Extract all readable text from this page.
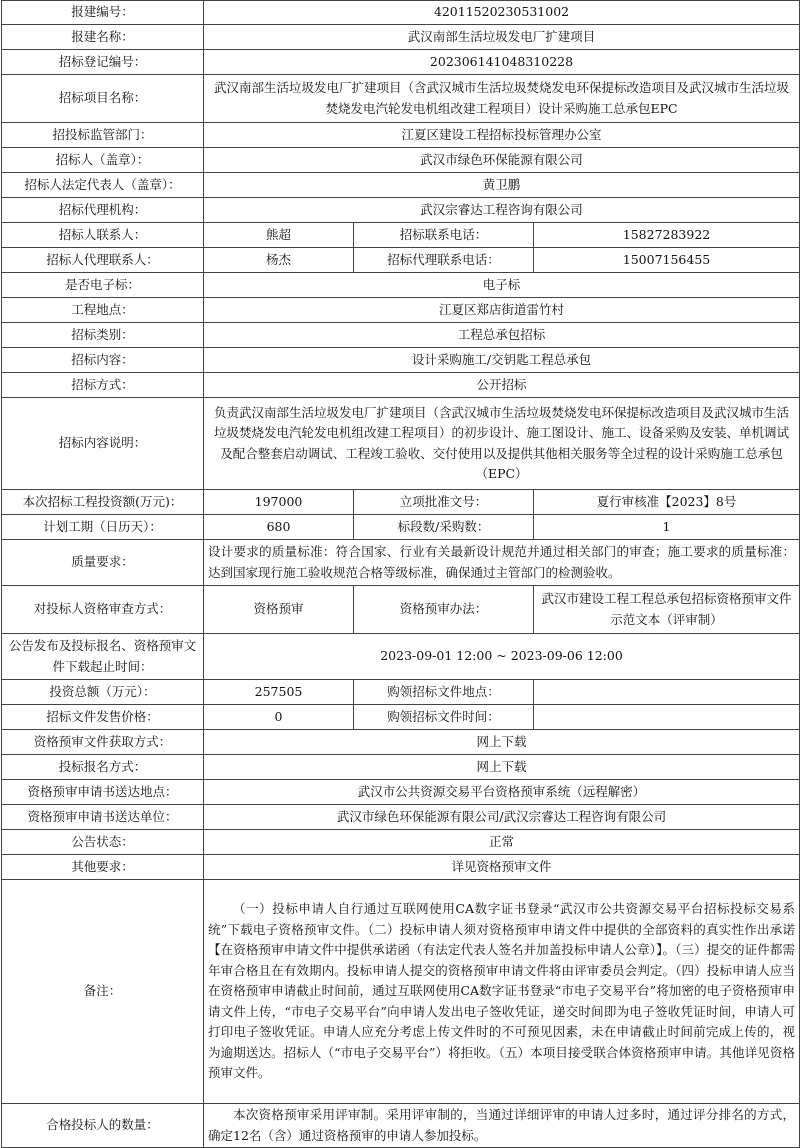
报建编号：	42011520230531002		
报建名称：	武汉南部生活垃圾发电厂扩建项目		
招标登记编号：	20230614104831​0228		
招标项目名称：	武汉南部生活垃圾发电厂扩建项目（含武汉城市生活垃圾焚烧发电环保提标改造项目及武汉城市生活垃圾焚烧发电汽轮发电机组改建工程项目）设计采购施工总承包EPC		
招投标监管部门：	江夏区建设工程招标投标管理办公室		
招标人（盖章）：	武汉市绿色环保能源有限公司		
招标人法定代表人（盖章）：	黄卫鹏		
招标代理机构：	武汉宗睿达工程咨询有限公司		
招标人联系人：	熊超	招标联系电话：	15827283922
招标人代理联系人：	杨杰	招标代理联系电话：	15007156455
是否电子标：	电子标		
工程地点：	江夏区郑店街道雷竹村		
招标类别：	工程总承包招标		
招标内容：	设计采购施工/交钥匙工程总承包		
招标方式：	公开招标		
招标内容说明：	负责武汉南部生活垃圾发电厂扩建项目（含武汉城市生活垃圾焚烧发电环保提标改造项目及武汉城市生活垃圾焚烧发电汽轮发电机组改建工程项目）的初步设计、施工图设计、施工、设备采购及安装、单机调试及配合整套启动调试、工程竣工验收、交付使用以及提供其他相关服务等全过程的设计采购施工总承包（EPC）		
本次招标工程投资额(万元)：	197000	立项批准文号：	夏行审核准【2023】8号
计划工期（日历天）：	680	标段数/采购数：	1
质量要求：	设计要求的质量标准：符合国家、行业有关最新设计规范并通过相关部门的审查；施工要求的质量标准：达到国家现行施工验收规范合格等级标准，确保通过主管部门的检测验收。		
对投标人资格审查方式：	资格预审	资格预审办法：	武汉市建设工程工程总承包招标资格预审文件示范文本（评审制）
公告发布及投标报名、资格预审文件下载起止时间：	2023-09-01 12:00 ~ 2023-09-06 12:00		
投资总额（万元）：	257505	购领招标文件地点：	
招标文件发售价格：	0	购领招标文件时间：	
资格预审文件获取方式：	网上下载		
投标报名方式：	网上下载		
资格预审申请书送达地点：	武汉市公共资源交易平台资格预审系统（远程解密）		
资格预审申请书送达单位：	武汉市绿色环保能源有限公司/武汉宗睿达工程咨询有限公司		
公告状态：	正常		
其他要求：	详见资格预审文件		
备注：	（一）投标申请人自行通过互联网使用CA数字证书登录“武汉市公共资源交易平台招标投标交易系统”下载电子资格预审文件。（二）投标申请人须对资格预审申请文件中提供的全部资料的真实性作出承诺【在资格预审申请文件中提供承诺函（有法定代表人签名并加盖投标申请人公章）】。（三）提交的证件都需年审合格且在有效期内。投标申请人提交的资格预审申请文件将由评审委员会判定。（四）投标申请人应当在资格预审申请截止时间前，通过互联网使用CA数字证书登录“市电子交易平台”将加密的电子资格预审申请文件上传，“市电子交易平台”向申请人发出电子签收凭证，递交时间即为电子签收凭证时间，申请人可打印电子签收凭证。申请人应充分考虑上传文件时的不可预见因素，未在申请截止时间前完成上传的，视为逾期送达。招标人（“市电子交易平台”）将拒收。（五）本项目接受联合体资格预审申请。其他详见资格预审文件。		
合格投标人的数量：	本次资格预审采用评审制。采用评审制的，当通过详细评审的申请人过多时，通过评分排名的方式，确定12名（含）通过资格预审的申请人参加投标。		
